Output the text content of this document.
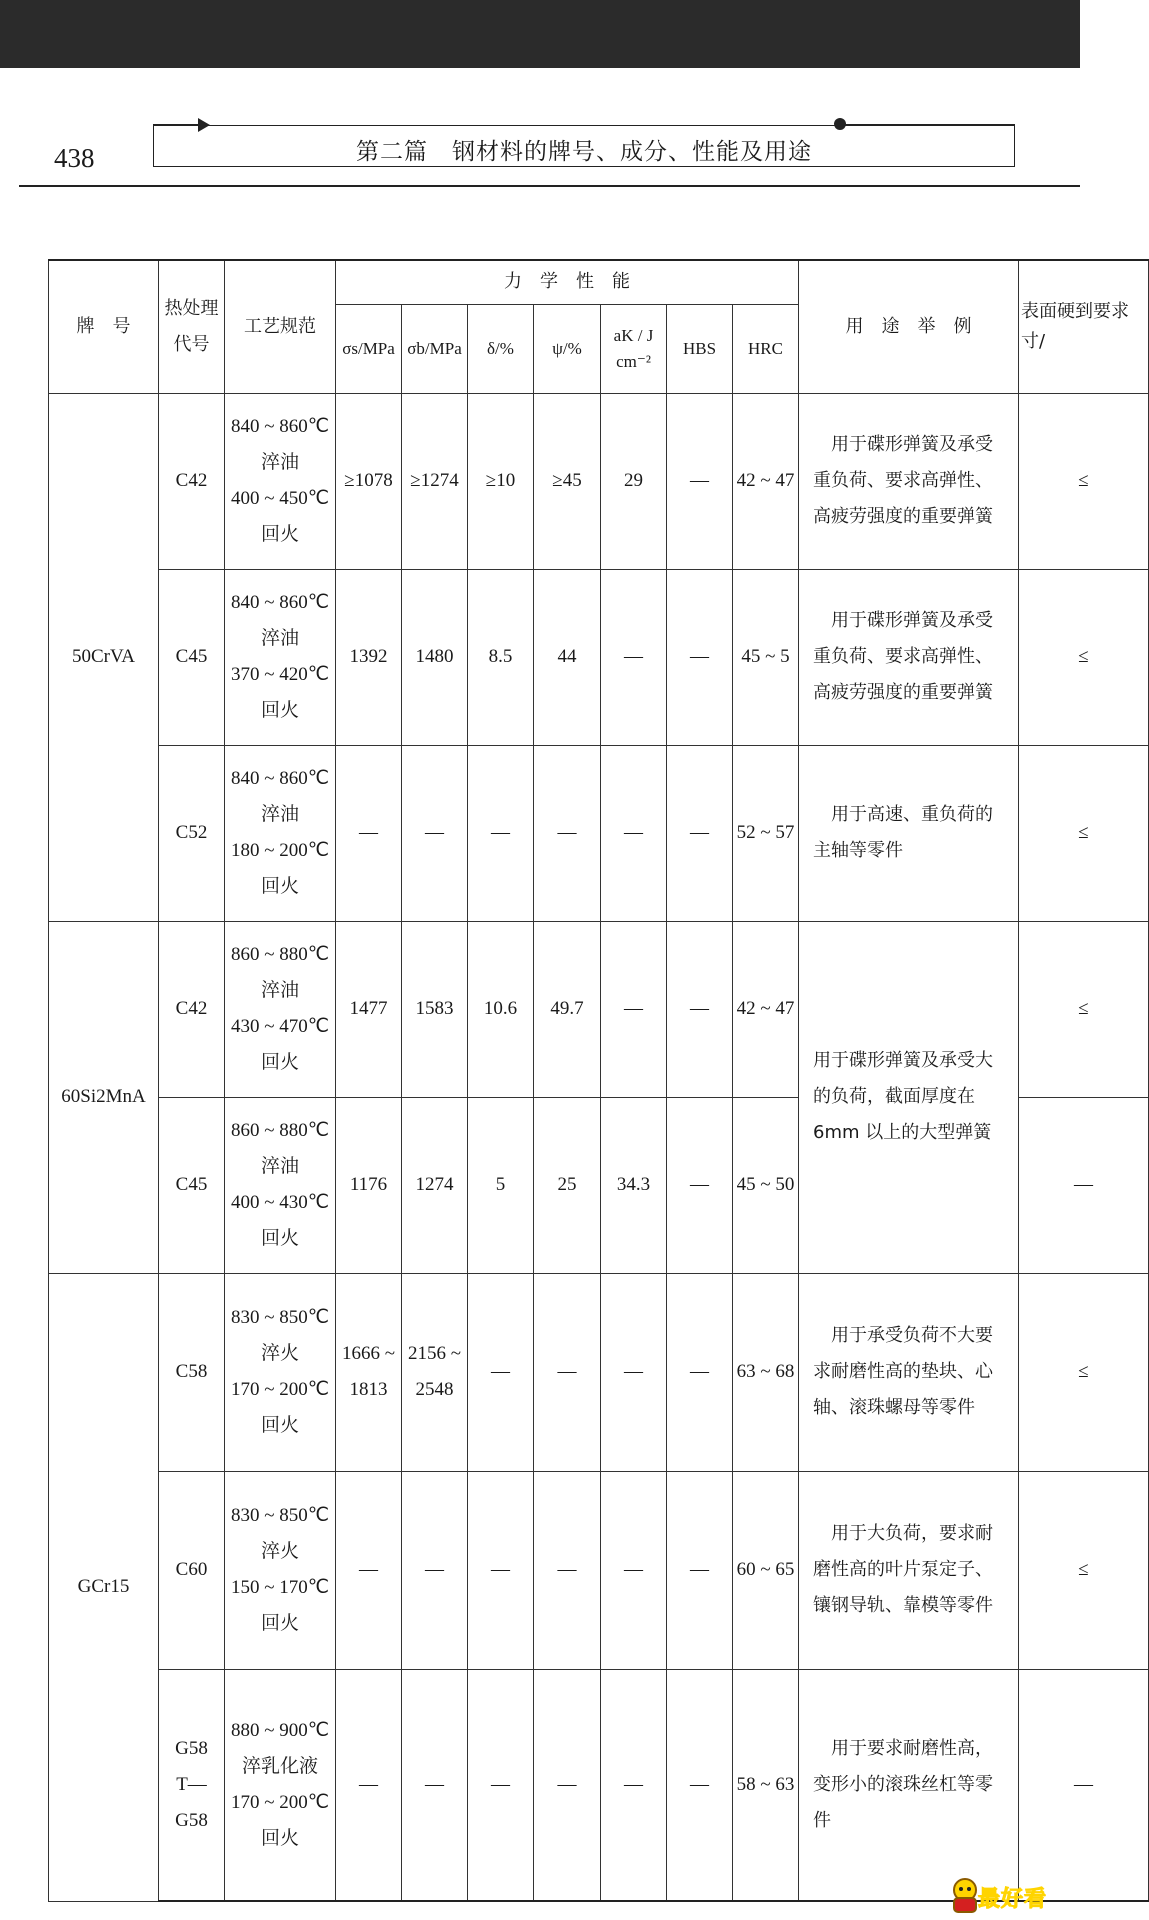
438	第二篇　钢材料的牌号、成分、性能及用途
牌　号	热处理代号	工艺规范	力　学　性　能							用　途　举　例	表面硬到要求寸/
			σs/MPa	σb/MPa	δ/%	ψ/%	aK / J cm⁻²	HBS	HRC		
50CrVA	C42	840 ~ 860℃
淬油
400 ~ 450℃
回火	≥1078	≥1274	≥10	≥45	29	—	42 ~ 47	　用于碟形弹簧及承受重负荷、要求高弹性、高疲劳强度的重要弹簧	≤
	C45	840 ~ 860℃
淬油
370 ~ 420℃
回火	1392	1480	8.5	44	—	—	45 ~ 5	　用于碟形弹簧及承受重负荷、要求高弹性、高疲劳强度的重要弹簧	≤
	C52	840 ~ 860℃
淬油
180 ~ 200℃
回火	—	—	—	—	—	—	52 ~ 57	　用于高速、重负荷的主轴等零件	≤
60Si2MnA	C42	860 ~ 880℃
淬油
430 ~ 470℃
回火	1477	1583	10.6	49.7	—	—	42 ~ 47	用于碟形弹簧及承受大的负荷，截面厚度在 6mm 以上的大型弹簧	≤
	C45	860 ~ 880℃
淬油
400 ~ 430℃
回火	1176	1274	5	25	34.3	—	45 ~ 50		—
GCr15	C58	830 ~ 850℃
淬火
170 ~ 200℃
回火	1666 ~
1813	2156 ~
2548	—	—	—	—	63 ~ 68	　用于承受负荷不大要求耐磨性高的垫块、心轴、滚珠螺母等零件	≤
	C60	830 ~ 850℃
淬火
150 ~ 170℃
回火	—	—	—	—	—	—	60 ~ 65	　用于大负荷，要求耐磨性高的叶片泵定子、镶钢导轨、靠模等零件	≤
	G58
T—
G58	880 ~ 900℃
淬乳化液
170 ~ 200℃
回火	—	—	—	—	—	—	58 ~ 63	　用于要求耐磨性高，变形小的滚珠丝杠等零件	—
最好看
